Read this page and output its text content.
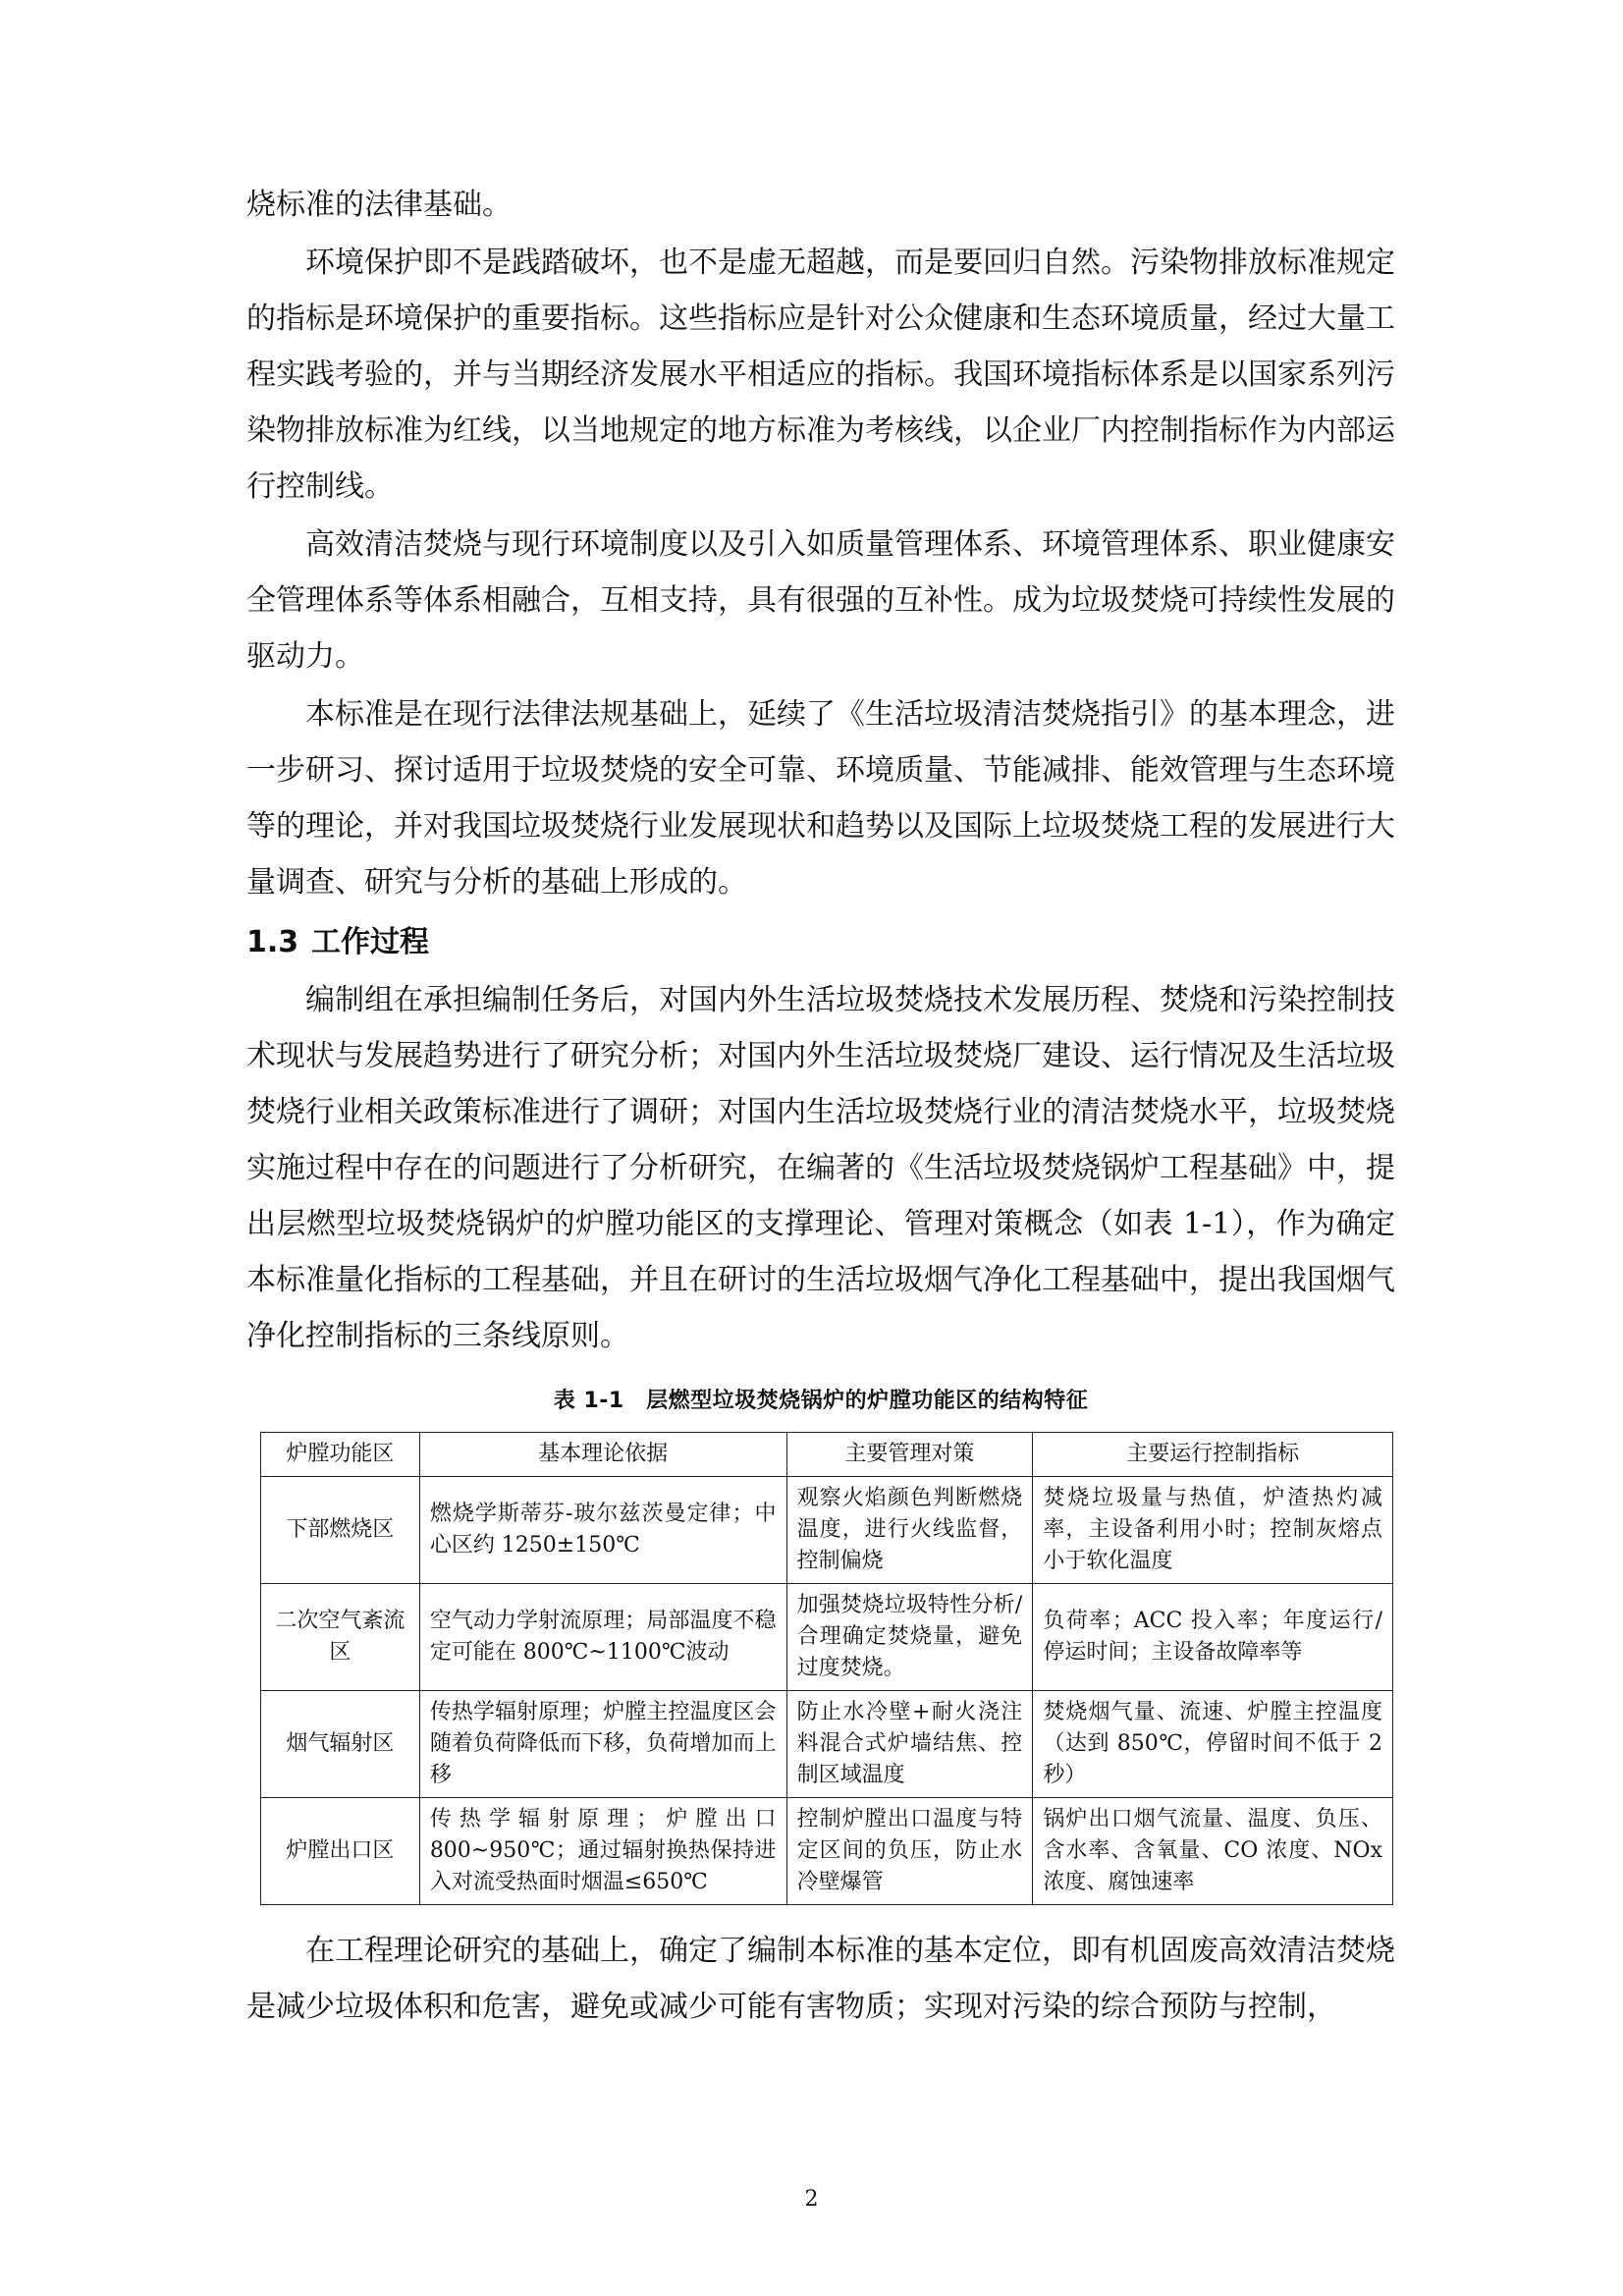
烧标准的法律基础。

环境保护即不是践踏破坏，也不是虚无超越，而是要回归自然。污染物排放标准规定的指标是环境保护的重要指标。这些指标应是针对公众健康和生态环境质量，经过大量工程实践考验的，并与当期经济发展水平相适应的指标。我国环境指标体系是以国家系列污染物排放标准为红线，以当地规定的地方标准为考核线，以企业厂内控制指标作为内部运行控制线。

高效清洁焚烧与现行环境制度以及引入如质量管理体系、环境管理体系、职业健康安全管理体系等体系相融合，互相支持，具有很强的互补性。成为垃圾焚烧可持续性发展的驱动力。

本标准是在现行法律法规基础上，延续了《生活垃圾清洁焚烧指引》的基本理念，进一步研习、探讨适用于垃圾焚烧的安全可靠、环境质量、节能减排、能效管理与生态环境等的理论，并对我国垃圾焚烧行业发展现状和趋势以及国际上垃圾焚烧工程的发展进行大量调查、研究与分析的基础上形成的。

1.3 工作过程

编制组在承担编制任务后，对国内外生活垃圾焚烧技术发展历程、焚烧和污染控制技术现状与发展趋势进行了研究分析；对国内外生活垃圾焚烧厂建设、运行情况及生活垃圾焚烧行业相关政策标准进行了调研；对国内生活垃圾焚烧行业的清洁焚烧水平，垃圾焚烧实施过程中存在的问题进行了分析研究，在编著的《生活垃圾焚烧锅炉工程基础》中，提出层燃型垃圾焚烧锅炉的炉膛功能区的支撑理论、管理对策概念（如表 1-1），作为确定本标准量化指标的工程基础，并且在研讨的生活垃圾烟气净化工程基础中，提出我国烟气净化控制指标的三条线原则。

表 1-1　层燃型垃圾焚烧锅炉的炉膛功能区的结构特征
炉膛功能区	基本理论依据	主要管理对策	主要运行控制指标
下部燃烧区	燃烧学斯蒂芬-玻尔兹茨曼定律；中心区约 1250±150℃	观察火焰颜色判断燃烧温度，进行火线监督，控制偏烧	焚烧垃圾量与热值，炉渣热灼减率，主设备利用小时；控制灰熔点小于软化温度
二次空气紊流区	空气动力学射流原理；局部温度不稳定可能在 800℃~1100℃波动	加强焚烧垃圾特性分析/合理确定焚烧量，避免过度焚烧。	负荷率；ACC 投入率；年度运行/停运时间；主设备故障率等
烟气辐射区	传热学辐射原理；炉膛主控温度区会随着负荷降低而下移，负荷增加而上移	防止水冷壁+耐火浇注料混合式炉墙结焦、控制区域温度	焚烧烟气量、流速、炉膛主控温度（达到 850℃，停留时间不低于 2 秒）
炉膛出口区	传热学辐射原理；炉膛出口 800~950℃；通过辐射换热保持进入对流受热面时烟温≤650℃	控制炉膛出口温度与特定区间的负压，防止水冷壁爆管	锅炉出口烟气流量、温度、负压、含水率、含氧量、CO 浓度、NOx 浓度、腐蚀速率

在工程理论研究的基础上，确定了编制本标准的基本定位，即有机固废高效清洁焚烧是减少垃圾体积和危害，避免或减少可能有害物质；实现对污染的综合预防与控制，

2
